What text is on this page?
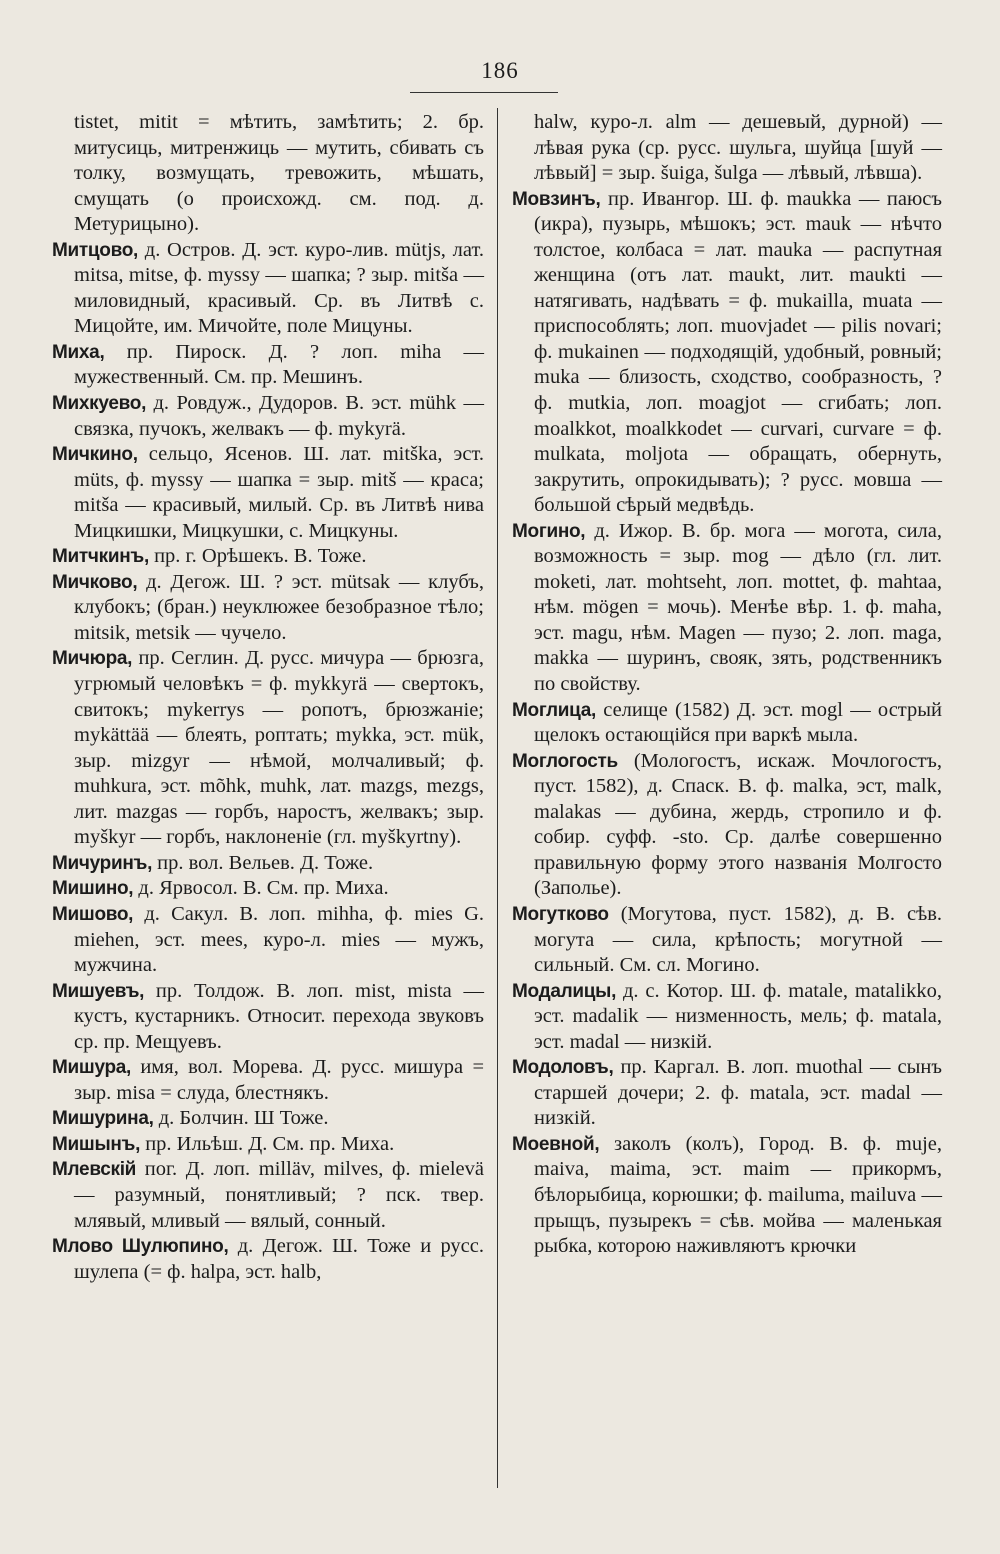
186

tistet, mitit = мѣтить, замѣтить; 2. бр. митусиць, митренжиць — мутить, сбивать съ толку, возмущать, тревожить, мѣшать, смущать (о происхожд. см. под. д. Метурицыно).

Митцово, д. Остров. Д. эст. куро-лив. mütjs, лат. mitsa, mitse, ф. myssy — шапка; ? зыр. mitša — миловидный, красивый. Ср. въ Литвѣ с. Мицойте, им. Мичойте, поле Мицуны.

Миха, пр. Пироск. Д. ? лоп. miha — мужественный. См. пр. Мешинъ.

Михкуево, д. Ровдуж., Дудоров. В. эст. mühk — связка, пучокъ, желвакъ — ф. mykyrä.

Мичкино, сельцо, Ясенов. Ш. лат. mitška, эст. müts, ф. myssy — шапка = зыр. mitš — краса; mitša — красивый, милый. Ср. въ Литвѣ нива Мицкишки, Мицкушки, с. Мицкуны.

Митчкинъ, пр. г. Орѣшекъ. В. Тоже.

Мичково, д. Дегож. Ш. ? эст. mütsak — клубъ, клубокъ; (бран.) неуклюжее безобразное тѣло; mitsik, metsik — чучело.

Мичюра, пр. Сеглин. Д. русс. мичура — брюзга, угрюмый человѣкъ = ф. mykkyrä — свертокъ, свитокъ; mykerrys — ропотъ, брюзжаніе; mykättää — блеять, роптать; mykka, эст. mük, зыр. mizgyr — нѣмой, молчаливый; ф. muhkura, эст. mõhk, muhk, лат. mazgs, mezgs, лит. mazgas — горбъ, наростъ, желвакъ; зыр. myškyr — горбъ, наклоненіе (гл. myškyrtny).

Мичуринъ, пр. вол. Вельев. Д. Тоже.

Мишино, д. Ярвосол. В. См. пр. Миха.

Мишово, д. Сакул. В. лоп. mihha, ф. mies G. miehen, эст. mees, куро-л. mies — мужъ, мужчина.

Мишуевъ, пр. Толдож. В. лоп. mist, mista — кустъ, кустарникъ. Относит. перехода звуковъ ср. пр. Мещуевъ.

Мишура, имя, вол. Морева. Д. русс. мишура = зыр. misa = слуда, блестнякъ.

Мишурина, д. Болчин. Ш Тоже.

Мишынъ, пр. Ильѣш. Д. См. пр. Миха.

Млевскій пог. Д. лоп. milläv, milves, ф. mielevä — разумный, понятливый; ? пск. твер. млявый, мливый — вялый, сонный.

Млово Шулюпино, д. Дегож. Ш. Тоже и русс. шулепа (= ф. halpa, эст. halb,

halw, куро-л. alm — дешевый, дурной) — лѣвая рука (ср. русс. шульга, шуйца [шуй — лѣвый] = зыр. šuiga, šulga — лѣвый, лѣвша).

Мовзинъ, пр. Ивангор. Ш. ф. maukka — паюсъ (икра), пузырь, мѣшокъ; эст. mauk — нѣчто толстое, колбаса = лат. mauka — распутная женщина (отъ лат. maukt, лит. maukti — натягивать, надѣвать = ф. mukailla, muata — приспособлять; лоп. muovjadet — pilis novari; ф. mukainen — подходящій, удобный, ровный; muka — близость, сходство, сообразность, ? ф. mutkia, лоп. moagjot — сгибать; лоп. moalkkot, moalkkodet — curvari, curvare = ф. mulkata, moljota — обращать, обернуть, закрутить, опрокидывать); ? русс. мовша — большой сѣрый медвѣдь.

Могино, д. Ижор. В. бр. мога — могота, сила, возможность = зыр. mog — дѣло (гл. лит. moketi, лат. mohtseht, лоп. mottet, ф. mahtaa, нѣм. mögen = мочь). Менѣе вѣр. 1. ф. maha, эст. magu, нѣм. Magen — пузо; 2. лоп. maga, makka — шуринъ, свояк, зять, родственникъ по свойству.

Моглица, селище (1582) Д. эст. mogl — острый щелокъ остающійся при варкѣ мыла.

Моглогость (Мологостъ, искаж. Мочлогостъ, пуст. 1582), д. Спаск. В. ф. malka, эст, malk, malakas — дубина, жердь, стропило и ф. собир. суфф. -sto. Ср. далѣе совершенно правильную форму этого названія Молгосто (Заполье).

Могутково (Могутова, пуст. 1582), д. В. сѣв. могута — сила, крѣпость; могутной — сильный. См. сл. Могино.

Модалицы, д. с. Котор. Ш. ф. matale, matalikko, эст. madalik — низменность, мель; ф. matala, эст. madal — низкій.

Модоловъ, пр. Каргал. В. лоп. muothal — сынъ старшей дочери; 2. ф. matala, эст. madal — низкій.

Моевной, заколъ (колъ), Город. В. ф. muje, maiva, maima, эст. maim — прикормъ, бѣлорыбица, корюшки; ф. mailuma, mailuva — прыщъ, пузырекъ = сѣв. мойва — маленькая рыбка, которою наживляютъ крючки
